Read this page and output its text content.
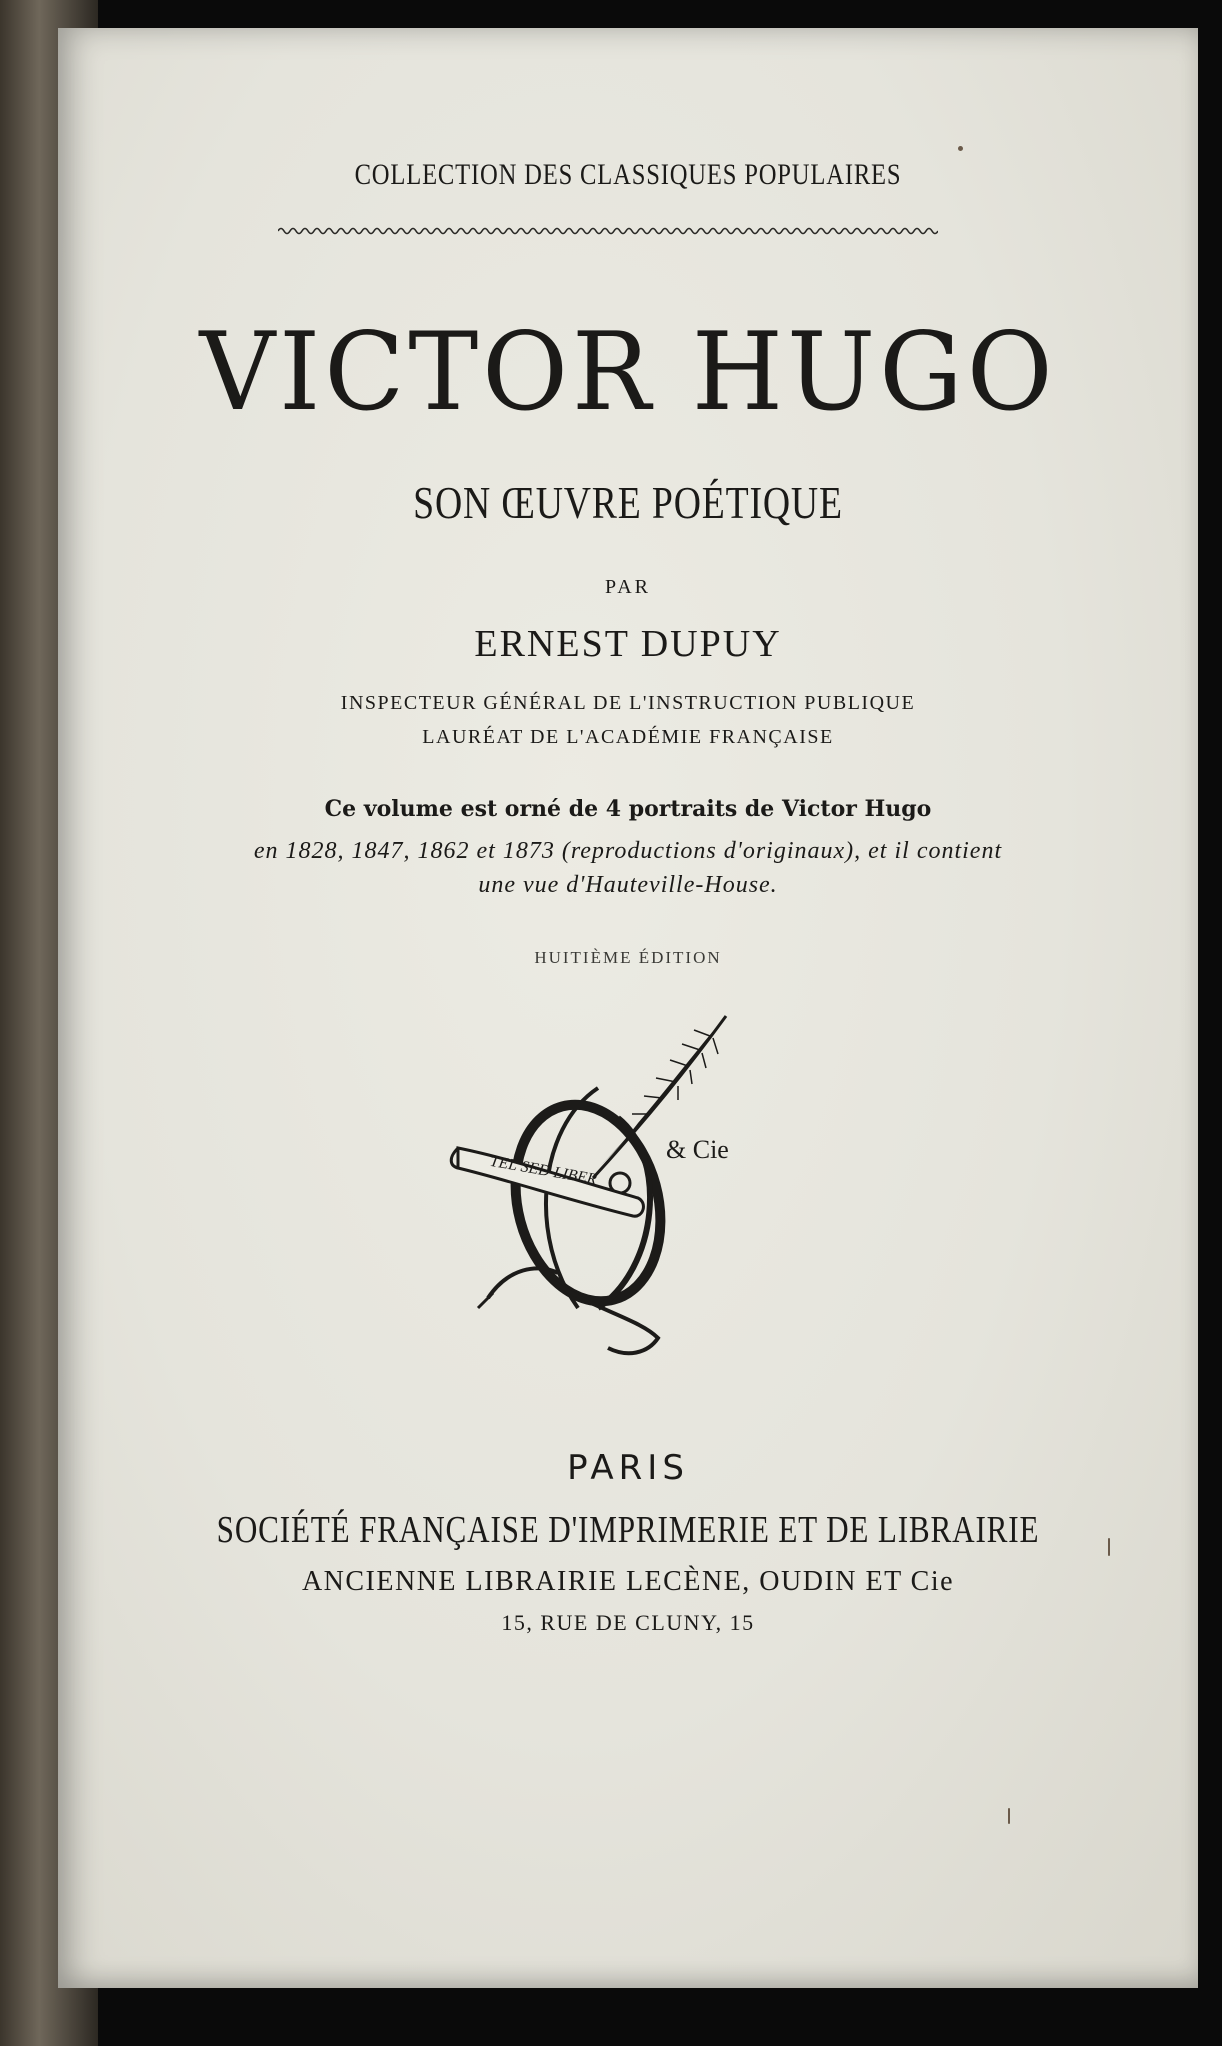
COLLECTION DES CLASSIQUES POPULAIRES
VICTOR HUGO
SON ŒUVRE POÉTIQUE
PAR
ERNEST DUPUY
INSPECTEUR GÉNÉRAL DE L'INSTRUCTION PUBLIQUE
LAURÉAT DE L'ACADÉMIE FRANÇAISE
Ce volume est orné de 4 portraits de Victor Hugo
en 1828, 1847, 1862 et 1873 (reproductions d'originaux), et il contient
une vue d'Hauteville-House.
HUITIÈME ÉDITION
TEL SED LIBER
& Cie
PARIS
SOCIÉTÉ FRANÇAISE D'IMPRIMERIE ET DE LIBRAIRIE
ANCIENNE LIBRAIRIE LECÈNE, OUDIN ET Cie
15, RUE DE CLUNY, 15
